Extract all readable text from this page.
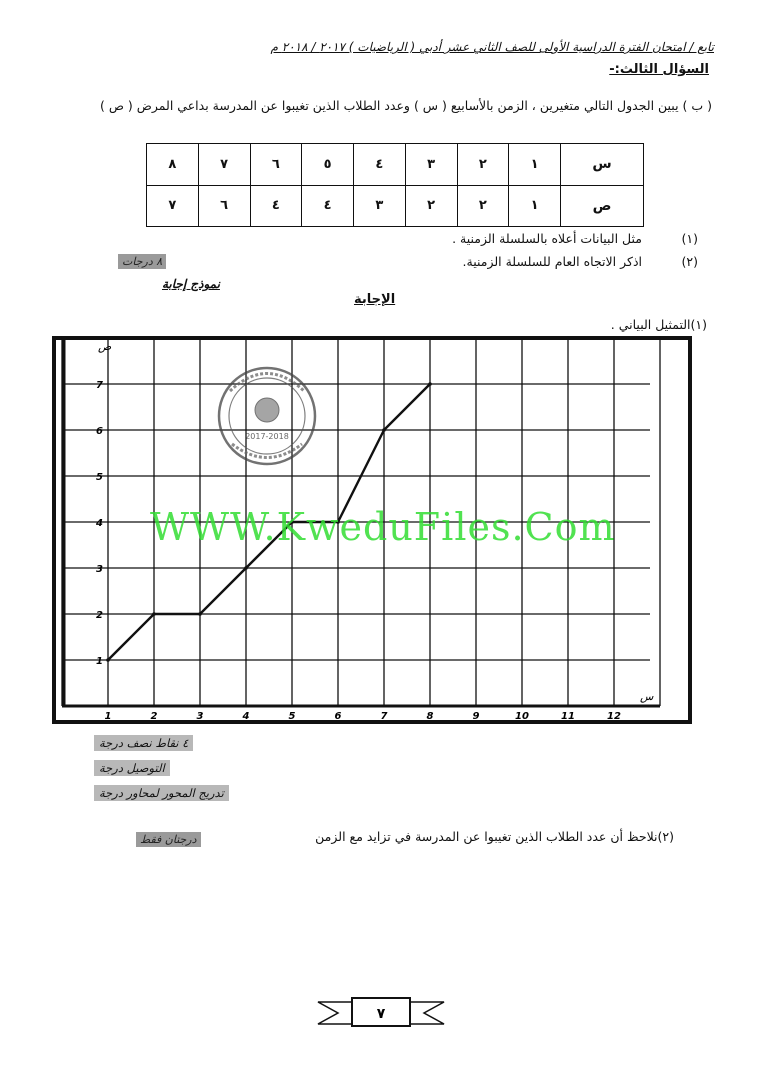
تابع / امتحان الفترة الدراسية الأولى للصف الثاني عشر أدبي ( الرياضيات ) ٢٠١٧ / ٢٠١٨ م
السؤال الثالث:-
( ب ) يبين الجدول التالي متغيرين ، الزمن بالأسابيع ( س ) وعدد الطلاب الذين تغيبوا عن المدرسة بداعي المرض ( ص )
س	١	٢	٣	٤	٥	٦	٧	٨
ص	١	٢	٢	٣	٤	٤	٦	٧
(١)
مثل البيانات أعلاه بالسلسلة الزمنية .
(٢)
اذكر الاتجاه العام للسلسلة الزمنية.
٨ درجات
نموذج إجابة
الإجابة
(١)التمثيل البياني .
1	2	3	4	5	6	7	8	9	10	11	12
1
2
3
4
5
6
7
ص
س
2017-2018
WWW.KweduFiles.Com
٤ نقاط نصف درجة
التوصيل درجة
تدريج المحور لمحاور درجة
(٢)نلاحظ أن عدد الطلاب الذين تغيبوا عن المدرسة في تزايد مع الزمن
درجتان فقط
٧
